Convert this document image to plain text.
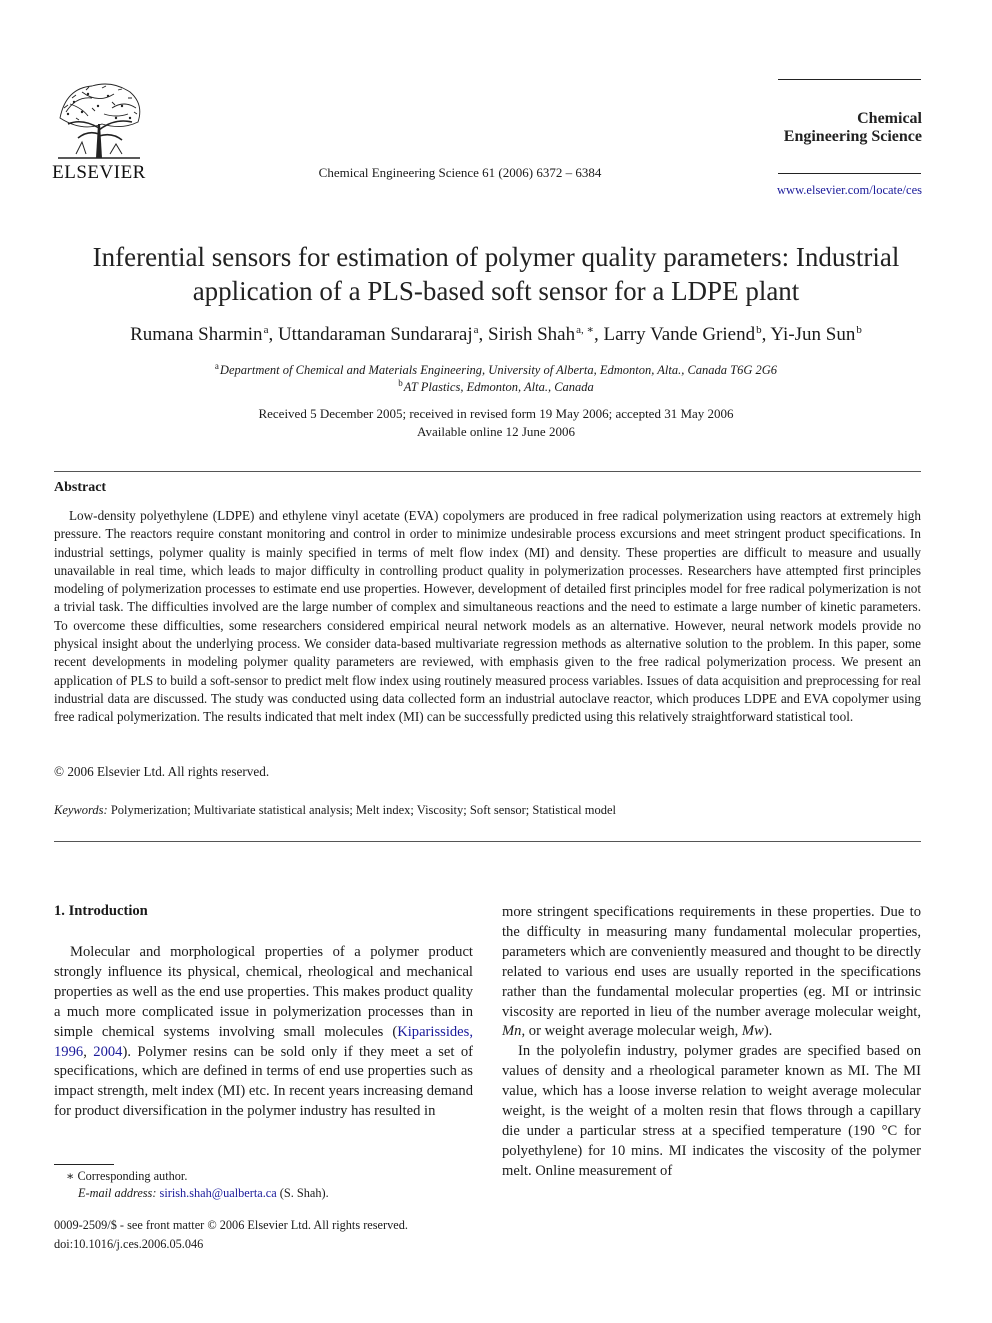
ELSEVIER	Chemical Engineering Science 61 (2006) 6372 – 6384
Chemical
Engineering Science
www.elsevier.com/locate/ces
Inferential sensors for estimation of polymer quality parameters: Industrial
application of a PLS-based soft sensor for a LDPE plant
Rumana Sharmin$^a$, Uttandaraman Sundararaj$^a$, Sirish Shah$^{a, ∗}$, Larry Vande Griend$^b$, Yi-Jun Sun$^b$
$^a$Department of Chemical and Materials Engineering, University of Alberta, Edmonton, Alta., Canada T6G 2G6
$^b$AT Plastics, Edmonton, Alta., Canada
Received 5 December 2005; received in revised form 19 May 2006; accepted 31 May 2006
Available online 12 June 2006
Abstract
Low-density polyethylene (LDPE) and ethylene vinyl acetate (EVA) copolymers are produced in free radical polymerization using reactors at extremely high pressure. The reactors require constant monitoring and control in order to minimize undesirable process excursions and meet stringent product specifications. In industrial settings, polymer quality is mainly specified in terms of melt flow index (MI) and density. These properties are difficult to measure and usually unavailable in real time, which leads to major difficulty in controlling product quality in polymerization processes. Researchers have attempted first principles modeling of polymerization processes to estimate end use properties. However, development of detailed first principles model for free radical polymerization is not a trivial task. The difficulties involved are the large number of complex and simultaneous reactions and the need to estimate a large number of kinetic parameters. To overcome these difficulties, some researchers considered empirical neural network models as an alternative. However, neural network models provide no physical insight about the underlying process. We consider data-based multivariate regression methods as alternative solution to the problem. In this paper, some recent developments in modeling polymer quality parameters are reviewed, with emphasis given to the free radical polymerization process. We present an application of PLS to build a soft-sensor to predict melt flow index using routinely measured process variables. Issues of data acquisition and preprocessing for real industrial data are discussed. The study was conducted using data collected form an industrial autoclave reactor, which produces LDPE and EVA copolymer using free radical polymerization. The results indicated that melt index (MI) can be successfully predicted using this relatively straightforward statistical tool.
© 2006 Elsevier Ltd. All rights reserved.
Keywords: Polymerization; Multivariate statistical analysis; Melt index; Viscosity; Soft sensor; Statistical model
1. Introduction

Molecular and morphological properties of a polymer product strongly influence its physical, chemical, rheological and mechanical properties as well as the end use properties. This makes product quality a much more complicated issue in polymerization processes than in simple chemical systems involving small molecules (Kiparissides, 1996, 2004). Polymer resins can be sold only if they meet a set of specifications, which are defined in terms of end use properties such as impact strength, melt index (MI) etc. In recent years increasing demand for product diversification in the polymer industry has resulted in

more stringent specifications requirements in these properties. Due to the difficulty in measuring many fundamental molecular properties, parameters which are conveniently measured and thought to be directly related to various end uses are usually reported in the specifications rather than the fundamental molecular properties (eg. MI or intrinsic viscosity are reported in lieu of the number average molecular weight, Mn, or weight average molecular weigh, Mw).

In the polyolefin industry, polymer grades are specified based on values of density and a rheological parameter known as MI. The MI value, which has a loose inverse relation to weight average molecular weight, is the weight of a molten resin that flows through a capillary die under a particular stress at a specified temperature (190 °C for polyethylene) for 10 mins. MI indicates the viscosity of the polymer melt. Online measurement of

∗ Corresponding author.
E-mail address: sirish.shah@ualberta.ca (S. Shah).
0009-2509/$ - see front matter © 2006 Elsevier Ltd. All rights reserved.
doi:10.1016/j.ces.2006.05.046
